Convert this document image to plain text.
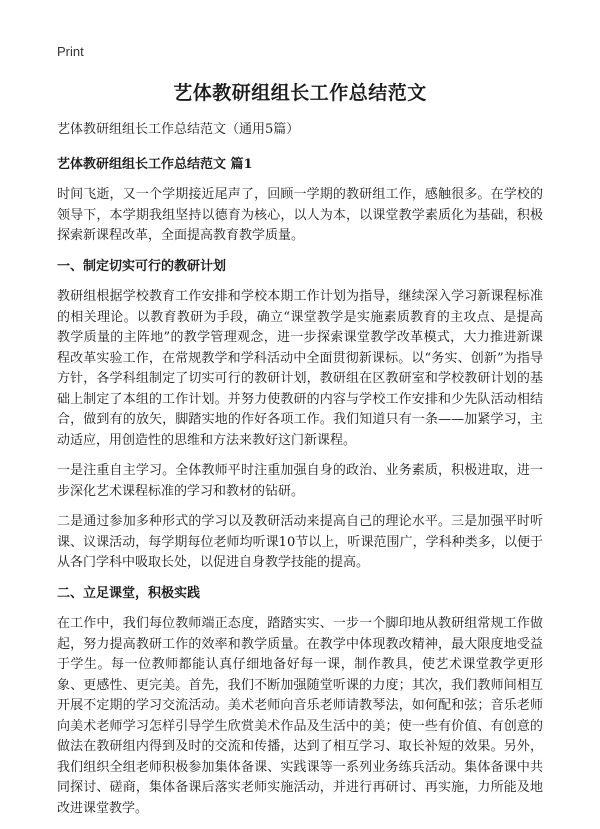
Print
艺体教研组组长工作总结范文

艺体教研组组长工作总结范文（通用5篇）

艺体教研组组长工作总结范文 篇1

时间飞逝，又一个学期接近尾声了，回顾一学期的教研组工作，感触很多。在学校的领导下，本学期我组坚持以德育为核心，以人为本，以课堂教学素质化为基础，积极探索新课程改革，全面提高教育教学质量。

一、制定切实可行的教研计划

教研组根据学校教育工作安排和学校本期工作计划为指导，继续深入学习新课程标准的相关理论。以教育教研为手段，确立“课堂教学是实施素质教育的主攻点、是提高教学质量的主阵地”的教学管理观念，进一步探索课堂教学改革模式，大力推进新课程改革实验工作，在常规教学和学科活动中全面贯彻新课标。以“务实、创新”为指导方针，各学科组制定了切实可行的教研计划，教研组在区教研室和学校教研计划的基础上制定了本组的工作计划。并努力使教研的内容与学校工作安排和少先队活动相结合，做到有的放矢，脚踏实地的作好各项工作。我们知道只有一条——加紧学习，主动适应，用创造性的思维和方法来教好这门新课程。

一是注重自主学习。全体教师平时注重加强自身的政治、业务素质，积极进取，进一步深化艺术课程标准的学习和教材的钻研。

二是通过参加多种形式的学习以及教研活动来提高自己的理论水平。三是加强平时听课、议课活动，每学期每位老师均听课10节以上，听课范围广，学科种类多，以便于从各门学科中吸取长处，以促进自身教学技能的提高。

二、立足课堂，积极实践

在工作中，我们每位教师端正态度，踏踏实实、一步一个脚印地从教研组常规工作做起，努力提高教研工作的效率和教学质量。在教学中体现教改精神，最大限度地受益于学生。每一位教师都能认真仔细地备好每一课，制作教具，使艺术课堂教学更形象、更感性、更完美。首先，我们不断加强随堂听课的力度；其次，我们教师间相互开展不定期的学习交流活动。美术老师向音乐老师请教琴法，如何配和弦；音乐老师向美术老师学习怎样引导学生欣赏美术作品及生活中的美；使一些有价值、有创意的做法在教研组内得到及时的交流和传播，达到了相互学习、取长补短的效果。另外，我们组织全组老师积极参加集体备课、实践课等一系列业务练兵活动。集体备课中共同探讨、磋商，集体备课后落实老师实施活动，并进行再研讨、再实施，力所能及地改进课堂教学。
